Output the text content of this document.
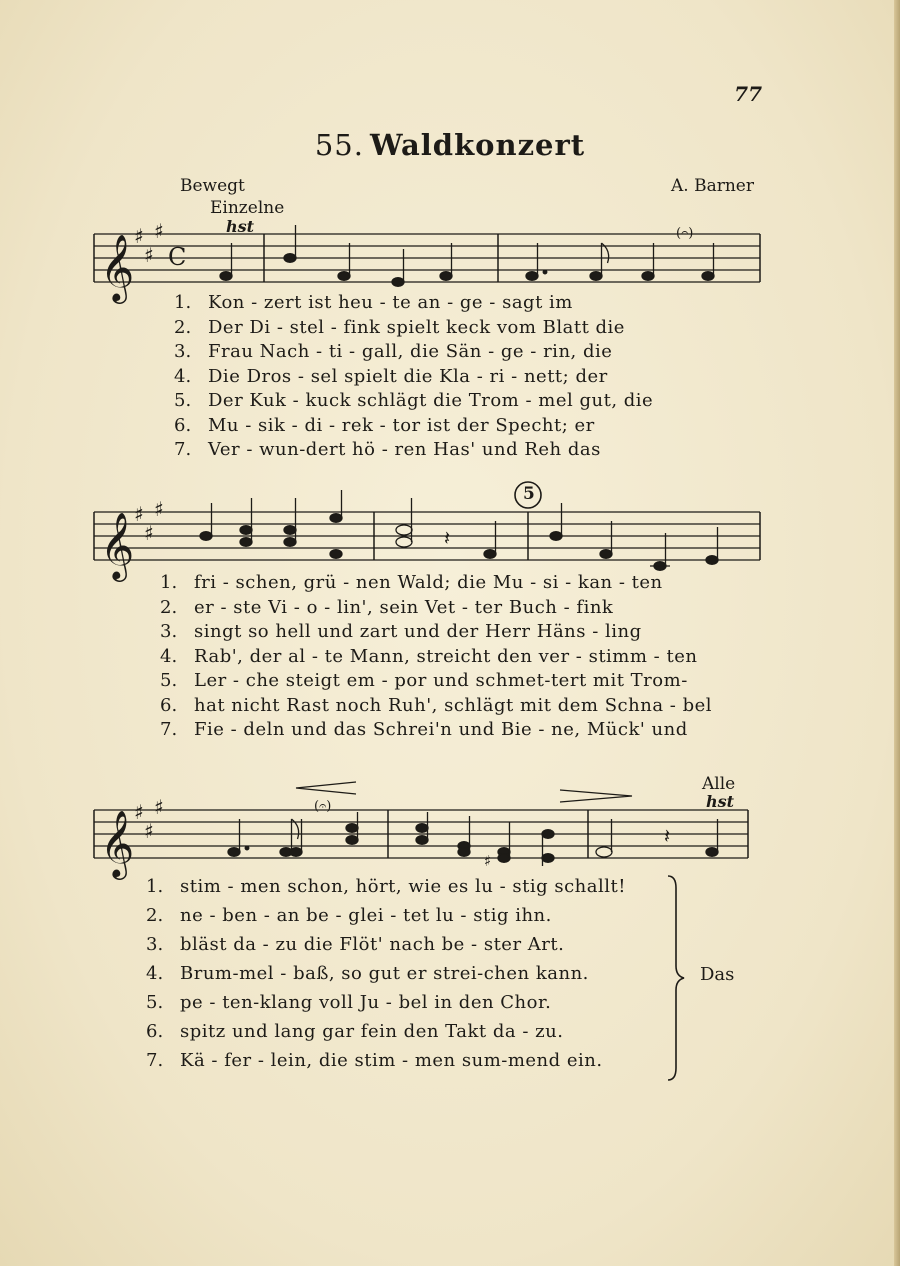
77
55. Waldkonzert
Bewegt	A. Barner
Einzelne
hst	(𝄐)
𝄞 ♯
♯
♯
C
1. Kon - zert ist heu - te an - ge - sagt im
2. Der Di - stel - fink spielt keck vom Blatt die
3. Frau Nach - ti - gall, die Sän - ge - rin, die
4. Die Dros - sel spielt die Kla - ri - nett; der
5. Der Kuk - kuck schlägt die Trom - mel gut, die
6. Mu - sik - di - rek - tor ist der Specht; er
7. Ver - wun-dert hö - ren Has' und Reh das
𝄞 ♯
♯
♯
𝄽
5
1. fri - schen, grü - nen Wald; die Mu - si - kan - ten
2. er - ste Vi - o - lin', sein Vet - ter Buch - fink
3. singt so hell und zart und der Herr Häns - ling
4. Rab', der al - te Mann, streicht den ver - stimm - ten
5. Ler - che steigt em - por und schmet-tert mit Trom-
6. hat nicht Rast noch Ruh', schlägt mit dem Schna - bel
7. Fie - deln und das Schrei'n und Bie - ne, Mück' und
Alle
hst
(𝄐)
𝄞 ♯
♯
♯
♯
𝄽
1. stim - men schon, hört, wie es lu - stig schallt!
2. ne - ben - an be - glei - tet lu - stig ihn.
3. bläst da - zu die Flöt' nach be - ster Art.
4. Brum-mel - baß, so gut er strei-chen kann.
5. pe - ten-klang voll Ju - bel in den Chor.
6. spitz und lang gar fein den Takt da - zu.
7. Kä - fer - lein, die stim - men sum-mend ein.
Das
